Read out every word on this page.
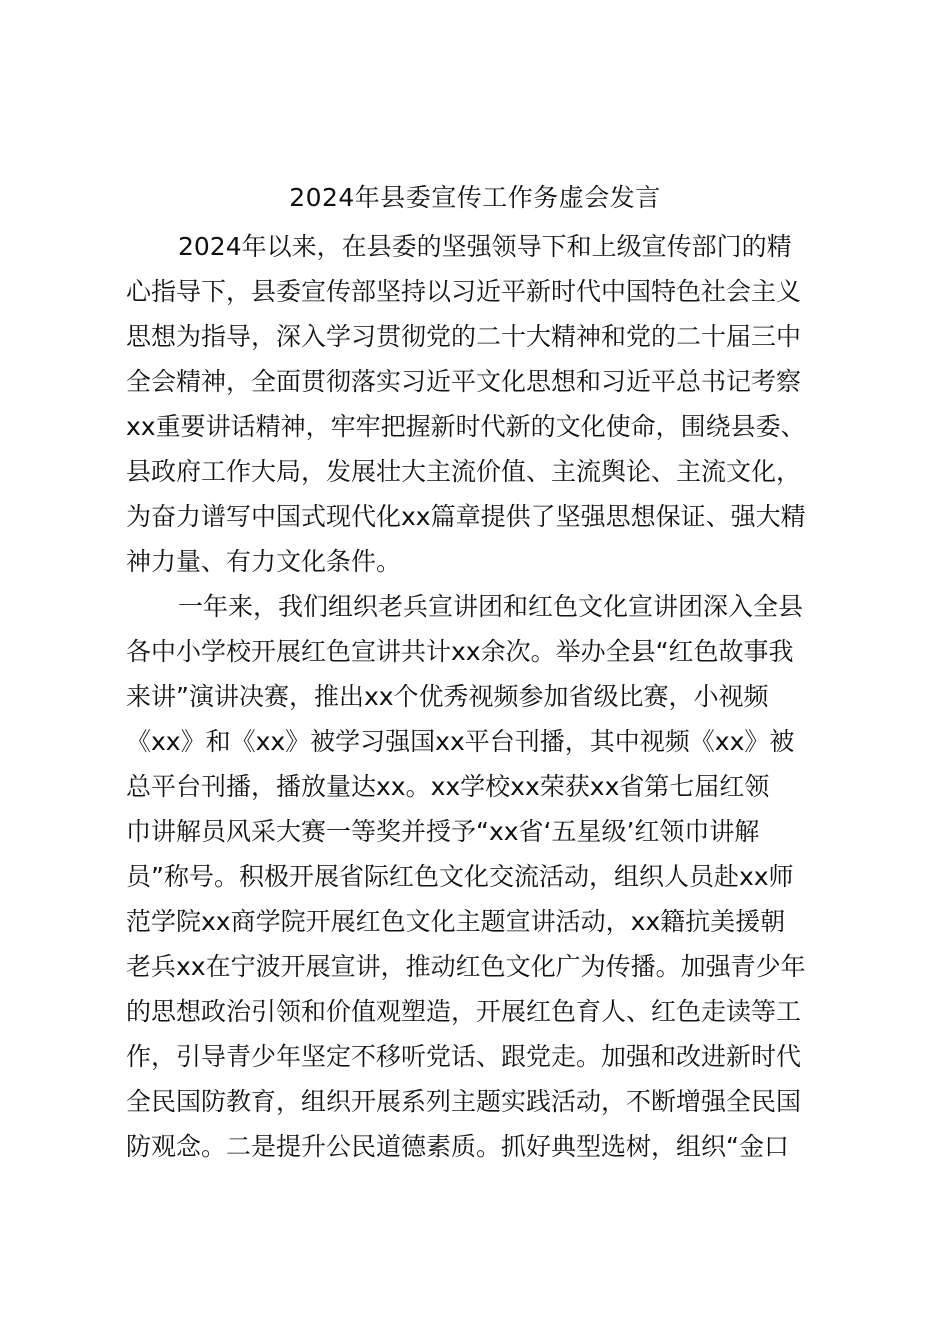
2024年县委宣传工作务虚会发言
2024年以来，在县委的坚强领导下和上级宣传部门的精
心指导下，县委宣传部坚持以习近平新时代中国特色社会主义
思想为指导，深入学习贯彻党的二十大精神和党的二十届三中
全会精神，全面贯彻落实习近平文化思想和习近平总书记考察
xx重要讲话精神，牢牢把握新时代新的文化使命，围绕县委、
县政府工作大局，发展壮大主流价值、主流舆论、主流文化，
为奋力谱写中国式现代化xx篇章提供了坚强思想保证、强大精
神力量、有力文化条件。
一年来，我们组织老兵宣讲团和红色文化宣讲团深入全县
各中小学校开展红色宣讲共计xx余次。举办全县“红色故事我
来讲”演讲决赛，推出xx个优秀视频参加省级比赛，小视频
《xx》和《xx》被学习强国xx平台刊播，其中视频《xx》被
总平台刊播，播放量达xx。xx学校xx荣获xx省第七届红领
巾讲解员风采大赛一等奖并授予“xx省‘五星级’红领巾讲解
员”称号。积极开展省际红色文化交流活动，组织人员赴xx师
范学院xx商学院开展红色文化主题宣讲活动，xx籍抗美援朝
老兵xx在宁波开展宣讲，推动红色文化广为传播。加强青少年
的思想政治引领和价值观塑造，开展红色育人、红色走读等工
作，引导青少年坚定不移听党话、跟党走。加强和改进新时代
全民国防教育，组织开展系列主题实践活动，不断增强全民国
防观念。二是提升公民道德素质。抓好典型选树，组织“金口
